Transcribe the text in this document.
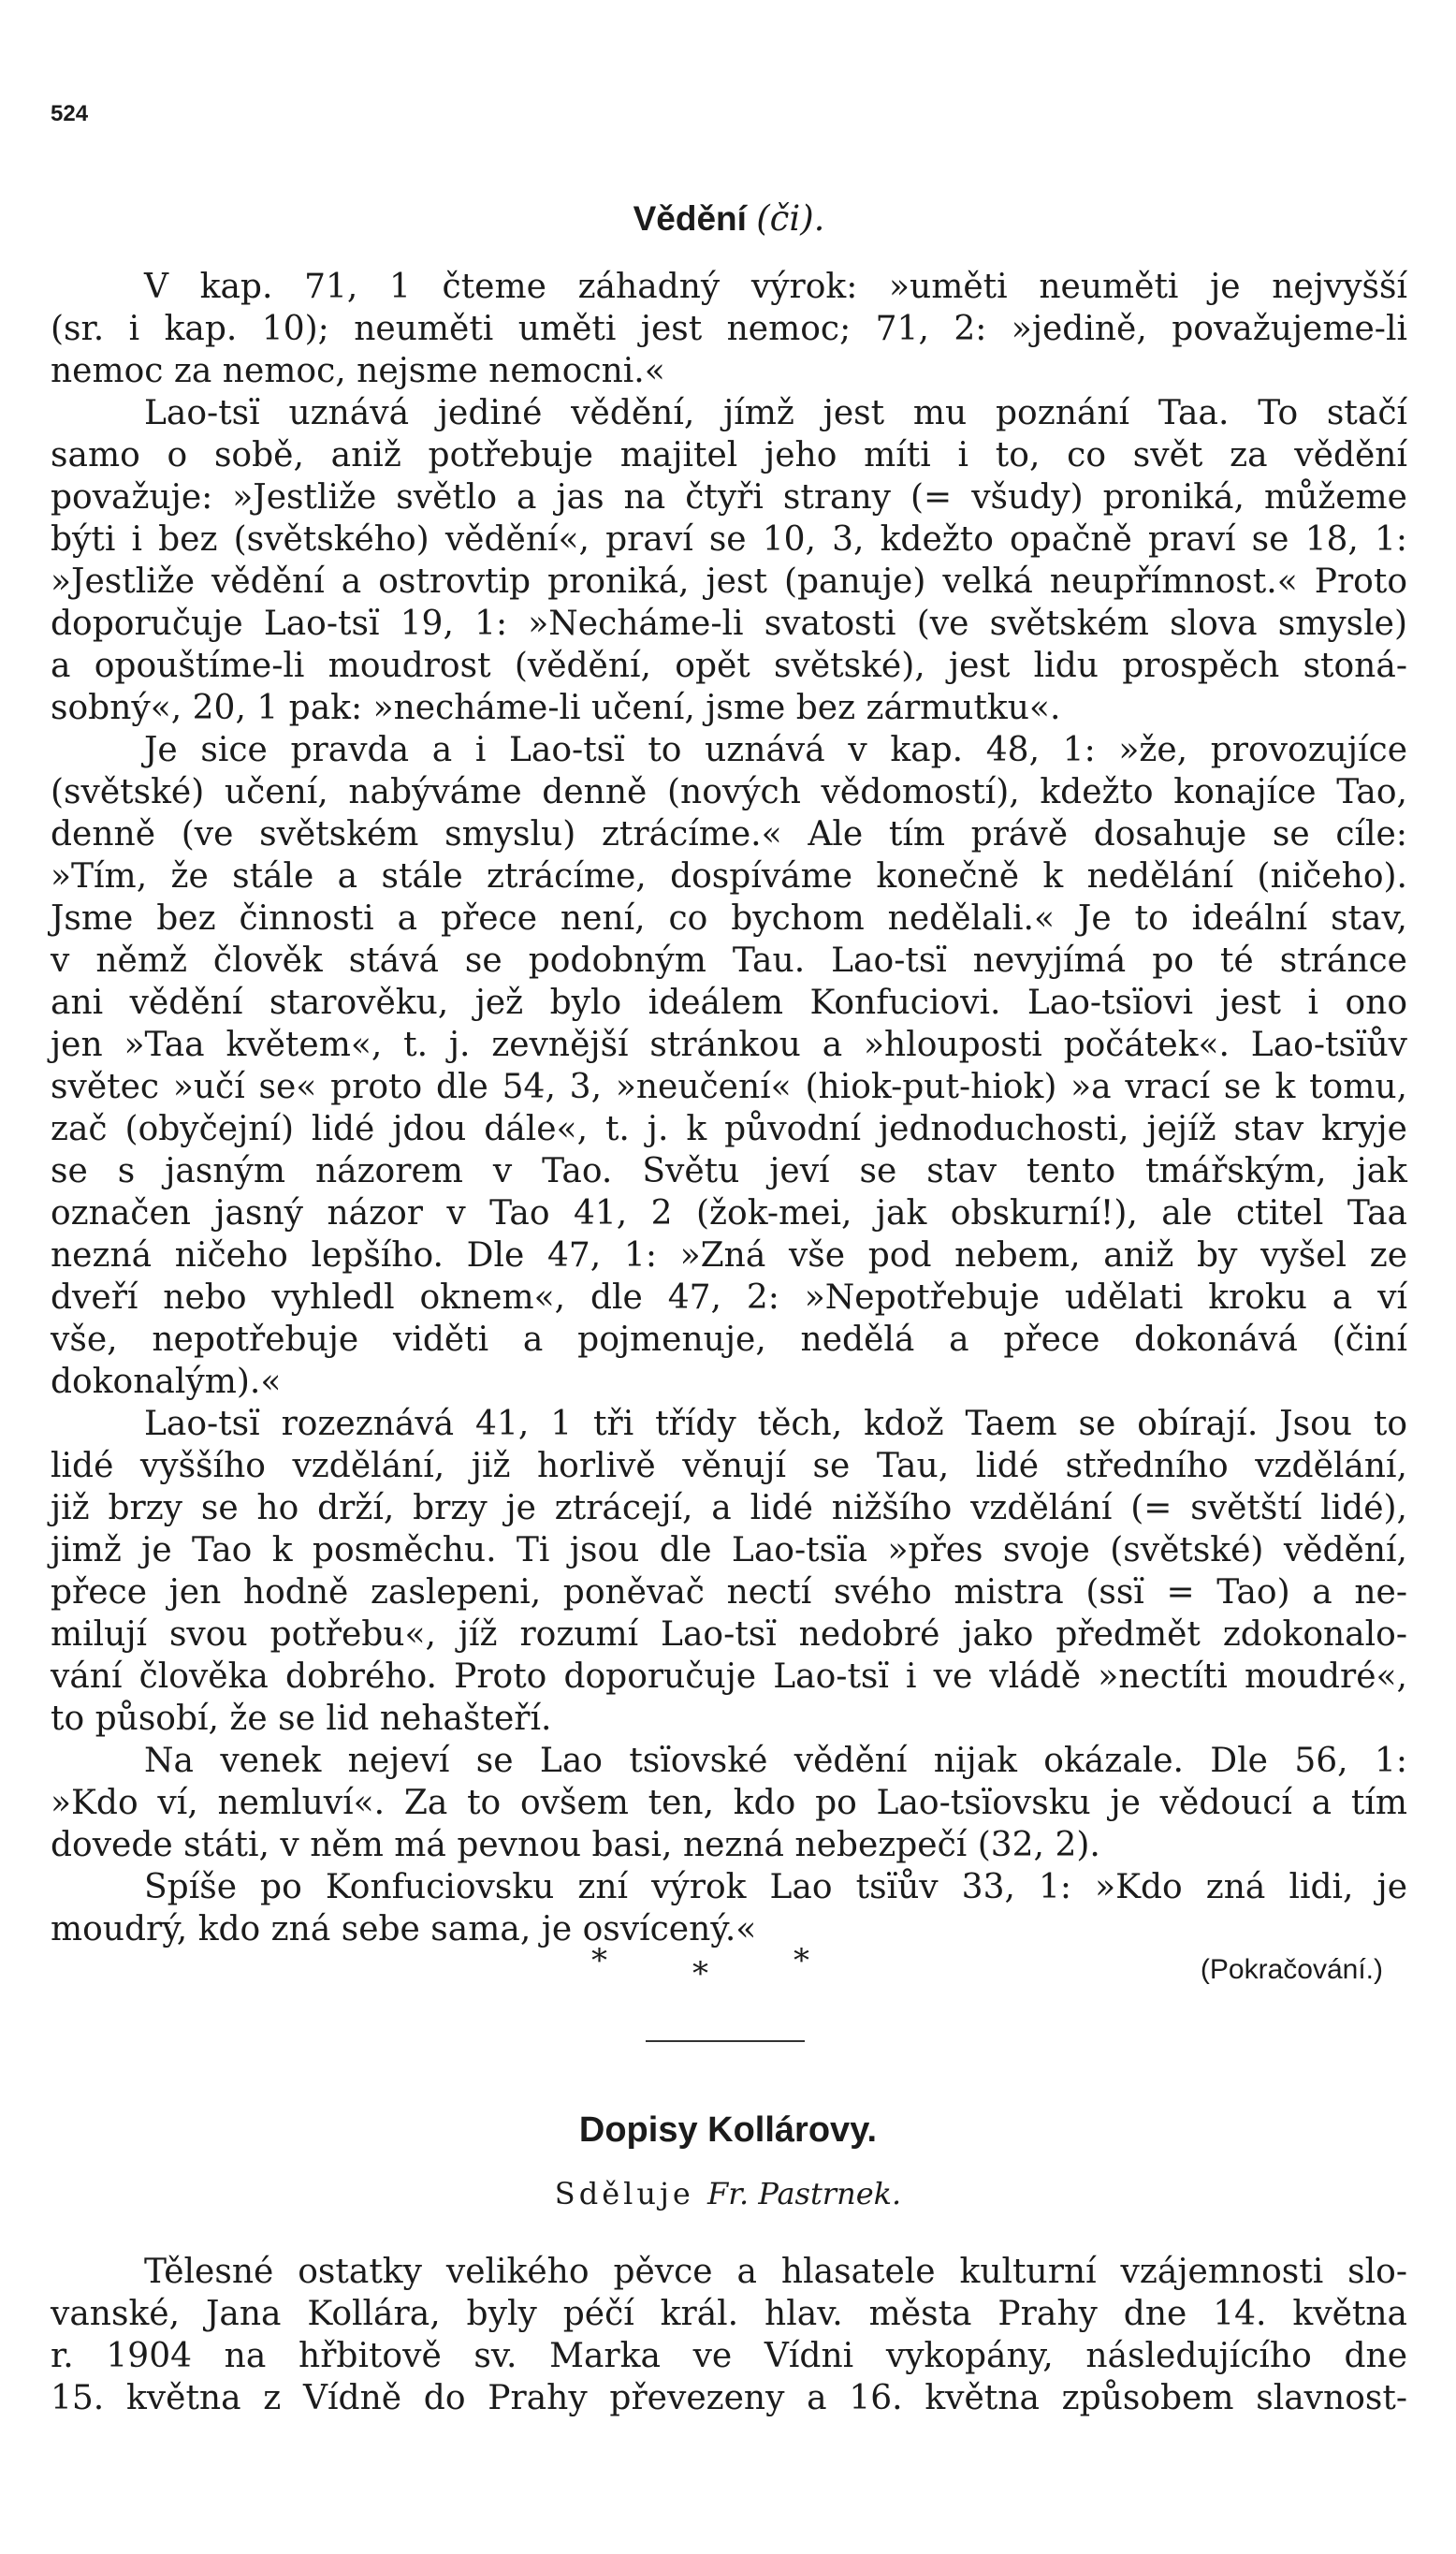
524
Vědění (či).
V kap. 71, 1 čteme záhadný výrok: »uměti neuměti je nejvyšší
(sr. i kap. 10); neuměti uměti jest nemoc; 71, 2: »jedině, považujeme-li
nemoc za nemoc, nejsme nemocni.«
Lao-tsï uznává jediné vědění, jímž jest mu poznání Taa. To stačí
samo o sobě, aniž potřebuje majitel jeho míti i to, co svět za vědění
považuje: »Jestliže světlo a jas na čtyři strany (= všudy) proniká, můžeme
býti i bez (světského) vědění«, praví se 10, 3, kdežto opačně praví se 18, 1:
»Jestliže vědění a ostrovtip proniká, jest (panuje) velká neupřímnost.« Proto
doporučuje Lao-tsï 19, 1: »Necháme-li svatosti (ve světském slova smysle)
a opouštíme-li moudrost (vědění, opět světské), jest lidu prospěch stoná-
sobný«, 20, 1 pak: »necháme-li učení, jsme bez zármutku«.
Je sice pravda a i Lao-tsï to uznává v kap. 48, 1: »že, provozujíce
(světské) učení, nabýváme denně (nových vědomostí), kdežto konajíce Tao,
denně (ve světském smyslu) ztrácíme.« Ale tím právě dosahuje se cíle:
»Tím, že stále a stále ztrácíme, dospíváme konečně k nedělání (ničeho).
Jsme bez činnosti a přece není, co bychom nedělali.« Je to ideální stav,
v němž člověk stává se podobným Tau. Lao-tsï nevyjímá po té stránce
ani vědění starověku, jež bylo ideálem Konfuciovi. Lao-tsïovi jest i ono
jen »Taa květem«, t. j. zevnější stránkou a »hlouposti počátek«. Lao-tsïův
světec »učí se« proto dle 54, 3, »neučení« (hiok-put-hiok) »a vrací se k tomu,
zač (obyčejní) lidé jdou dále«, t. j. k původní jednoduchosti, jejíž stav kryje
se s jasným názorem v Tao. Světu jeví se stav tento tmářským, jak
označen jasný názor v Tao 41, 2 (žok-mei, jak obskurní!), ale ctitel Taa
nezná ničeho lepšího. Dle 47, 1: »Zná vše pod nebem, aniž by vyšel ze
dveří nebo vyhledl oknem«, dle 47, 2: »Nepotřebuje udělati kroku a ví
vše, nepotřebuje viděti a pojmenuje, nedělá a přece dokonává (činí
dokonalým).«
Lao-tsï rozeznává 41, 1 tři třídy těch, kdož Taem se obírají. Jsou to
lidé vyššího vzdělání, již horlivě věnují se Tau, lidé středního vzdělání,
již brzy se ho drží, brzy je ztrácejí, a lidé nižšího vzdělání (= světští lidé),
jimž je Tao k posměchu. Ti jsou dle Lao-tsïa »přes svoje (světské) vědění,
přece jen hodně zaslepeni, poněvač nectí svého mistra (ssï = Tao) a ne-
milují svou potřebu«, jíž rozumí Lao-tsï nedobré jako předmět zdokonalo-
vání člověka dobrého. Proto doporučuje Lao-tsï i ve vládě »nectíti moudré«,
to působí, že se lid nehašteří.
Na venek nejeví se Lao tsïovské vědění nijak okázale. Dle 56, 1:
»Kdo ví, nemluví«. Za to ovšem ten, kdo po Lao-tsïovsku je vědoucí a tím
dovede státi, v něm má pevnou basi, nezná nebezpečí (32, 2).
Spíše po Konfuciovsku zní výrok Lao tsïův 33, 1: »Kdo zná lidi, je
moudrý, kdo zná sebe sama, je osvícený.«
*	*	*	(Pokračování.)
Dopisy Kollárovy.
Sděluje Fr. Pastrnek.
Tělesné ostatky velikého pěvce a hlasatele kulturní vzájemnosti slo-
vanské, Jana Kollára, byly péčí král. hlav. města Prahy dne 14. května
r. 1904 na hřbitově sv. Marka ve Vídni vykopány, následujícího dne
15. května z Vídně do Prahy převezeny a 16. května způsobem slavnost-
